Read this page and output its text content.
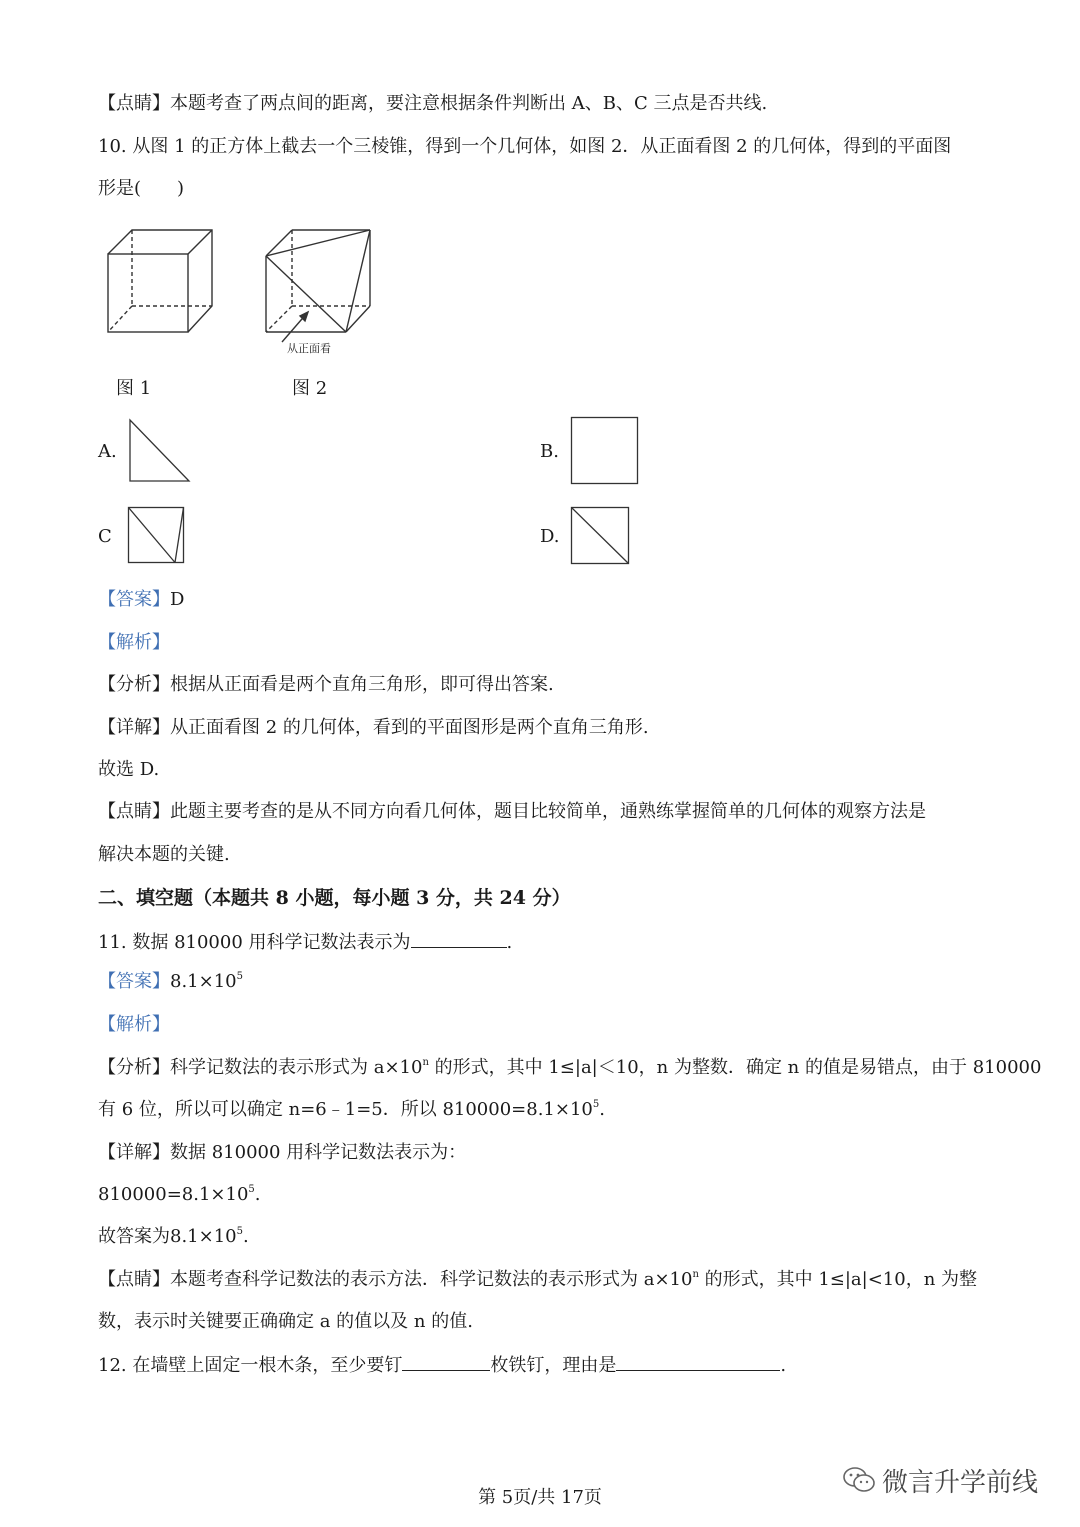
【点睛】本题考查了两点间的距离，要注意根据条件判断出 A、B、C 三点是否共线.
10. 从图 1 的正方体上截去一个三棱锥，得到一个几何体，如图 2．从正面看图 2 的几何体，得到的平面图
形是(　　)
从正面看
图 1	图 2
A.	B.
C	D.
【答案】D
【解析】
【分析】根据从正面看是两个直角三角形，即可得出答案.
【详解】从正面看图 2 的几何体，看到的平面图形是两个直角三角形.
故选 D.
【点睛】此题主要考查的是从不同方向看几何体，题目比较简单，通熟练掌握简单的几何体的观察方法是
解决本题的关键.
二、填空题（本题共 8 小题，每小题 3 分，共 24 分）
11. 数据 810000 用科学记数法表示为	.
【答案】$8.1\times 10^5$
【解析】
【分析】科学记数法的表示形式为 $a\times 10^n$ 的形式，其中 1≤|a|＜10，n 为整数．确定 n 的值是易错点，由于 810000
有 6 位，所以可以确定 n=6﹣1=5．所以 $810000=8.1\times 10^5$.
【详解】数据 810000 用科学记数法表示为：
$810000=8.1\times 10^5$.
故答案为$8.1\times 10^5$.
【点睛】本题考查科学记数法的表示方法．科学记数法的表示形式为 $a\times 10^n$ 的形式，其中 1≤|a|<10，n 为整
数，表示时关键要正确确定 a 的值以及 n 的值.
12. 在墙壁上固定一根木条，至少要钉	枚铁钉，理由是	.
第 5页/共 17页	微言升学前线
